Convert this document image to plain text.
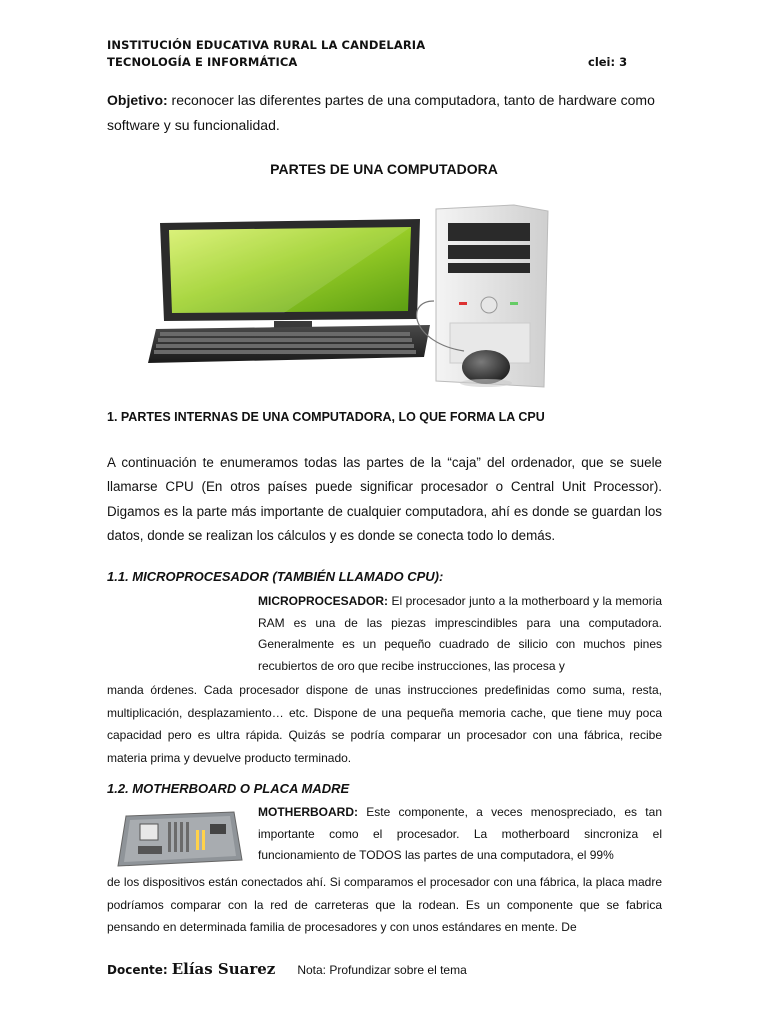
INSTITUCIÓN EDUCATIVA RURAL LA CANDELARIA
TECNOLOGÍA E INFORMÁTICA	clei: 3
Objetivo: reconocer las diferentes partes de una computadora, tanto de hardware como software y su funcionalidad.
PARTES DE UNA COMPUTADORA
1. PARTES INTERNAS DE UNA COMPUTADORA, LO QUE FORMA LA CPU
A continuación te enumeramos todas las partes de la “caja” del ordenador, que se suele llamarse CPU (En otros países puede significar procesador o Central Unit Processor). Digamos es la parte más importante de cualquier computadora, ahí es donde se guardan los datos, donde se realizan los cálculos y es donde se conecta todo lo demás.
1.1. MICROPROCESADOR (TAMBIÉN LLAMADO CPU):
MICROPROCESADOR: El procesador junto a la motherboard y la memoria RAM es una de las piezas imprescindibles para una computadora. Generalmente es un pequeño cuadrado de silicio con muchos pines recubiertos de oro que recibe instrucciones, las procesa y
manda órdenes. Cada procesador dispone de unas instrucciones predefinidas como suma, resta, multiplicación, desplazamiento… etc. Dispone de una pequeña memoria cache, que tiene muy poca capacidad pero es ultra rápida. Quizás se podría comparar un procesador con una fábrica, recibe materia prima y devuelve producto terminado.
1.2. MOTHERBOARD O PLACA MADRE
MOTHERBOARD: Este componente, a veces menospreciado, es tan importante como el procesador. La motherboard sincroniza el funcionamiento de TODOS las partes de una computadora, el 99%
de los dispositivos están conectados ahí. Si comparamos el procesador con una fábrica, la placa madre podríamos comparar con la red de carreteras que la rodean. Es un componente que se fabrica pensando en determinada familia de procesadores y con unos estándares en mente. De
Docente: Elías Suarez Nota: Profundizar sobre el tema
